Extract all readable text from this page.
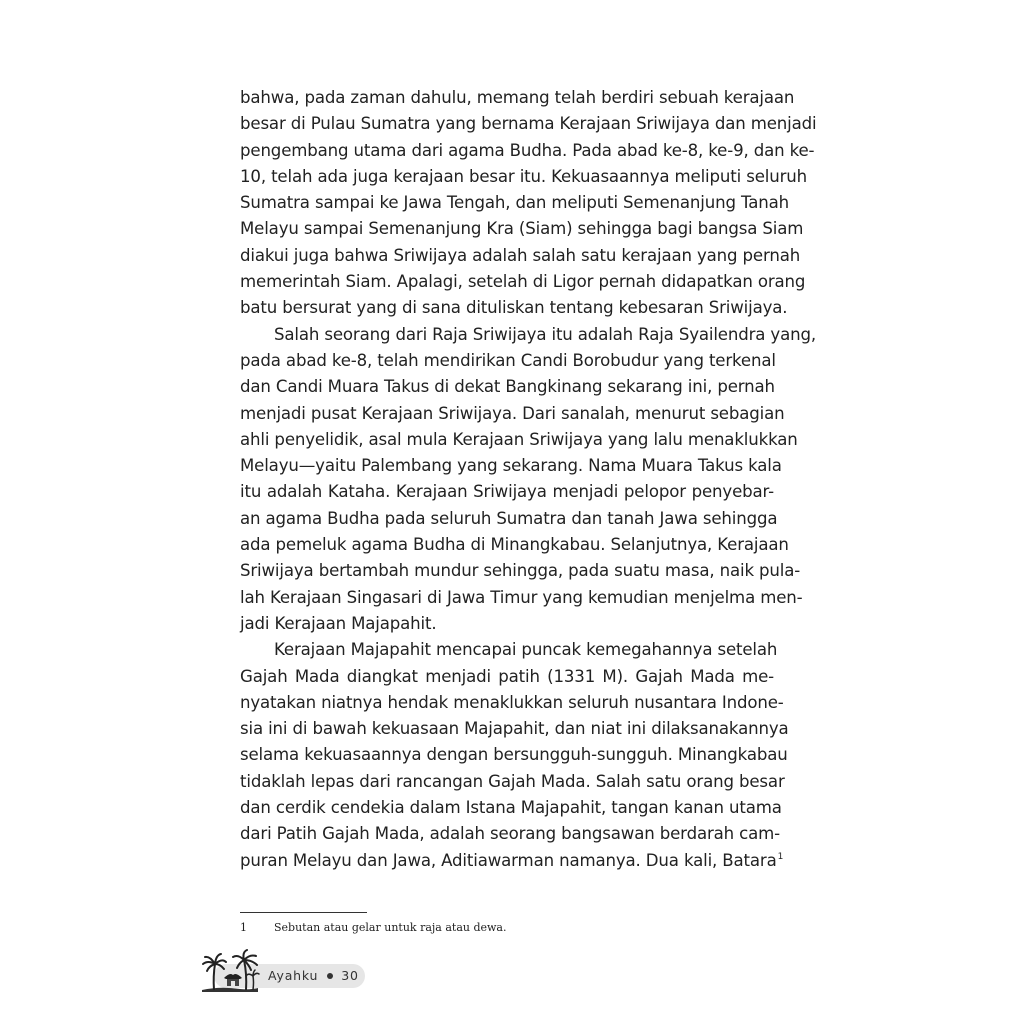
bahwa, pada zaman dahulu, memang telah berdiri sebuah kerajaan
besar di Pulau Sumatra yang bernama Kerajaan Sriwijaya dan menjadi
pengembang utama dari agama Budha. Pada abad ke-8, ke-9, dan ke-
10, telah ada juga kerajaan besar itu. Kekuasaannya meliputi seluruh
Sumatra sampai ke Jawa Tengah, dan meliputi Semenanjung Tanah
Melayu sampai Semenanjung Kra (Siam) sehingga bagi bangsa Siam
diakui juga bahwa Sriwijaya adalah salah satu kerajaan yang pernah
memerintah Siam. Apalagi, setelah di Ligor pernah didapatkan orang
batu bersurat yang di sana dituliskan tentang kebesaran Sriwijaya.
Salah seorang dari Raja Sriwijaya itu adalah Raja Syailendra yang,
pada abad ke-8, telah mendirikan Candi Borobudur yang terkenal
dan Candi Muara Takus di dekat Bangkinang sekarang ini, pernah
menjadi pusat Kerajaan Sriwijaya. Dari sanalah, menurut sebagian
ahli penyelidik, asal mula Kerajaan Sriwijaya yang lalu menaklukkan
Melayu—yaitu Palembang yang sekarang. Nama Muara Takus kala
itu adalah Kataha. Kerajaan Sriwijaya menjadi pelopor penyebar-
an agama Budha pada seluruh Sumatra dan tanah Jawa sehingga
ada pemeluk agama Budha di Minangkabau. Selanjutnya, Kerajaan
Sriwijaya bertambah mundur sehingga, pada suatu masa, naik pula-
lah Kerajaan Singasari di Jawa Timur yang kemudian menjelma men-
jadi Kerajaan Majapahit.
Kerajaan Majapahit mencapai puncak kemegahannya setelah
Gajah Mada diangkat menjadi patih (1331 M). Gajah Mada me-
nyatakan niatnya hendak menaklukkan seluruh nusantara Indone-
sia ini di bawah kekuasaan Majapahit, dan niat ini dilaksanakannya
selama kekuasaannya dengan bersungguh-sungguh. Minangkabau
tidaklah lepas dari rancangan Gajah Mada. Salah satu orang besar
dan cerdik cendekia dalam Istana Majapahit, tangan kanan utama
dari Patih Gajah Mada, adalah seorang bangsawan berdarah cam-
puran Melayu dan Jawa, Aditiawarman namanya. Dua kali, Batara$^1$
1 Sebutan atau gelar untuk raja atau dewa.
Ayahku 30
